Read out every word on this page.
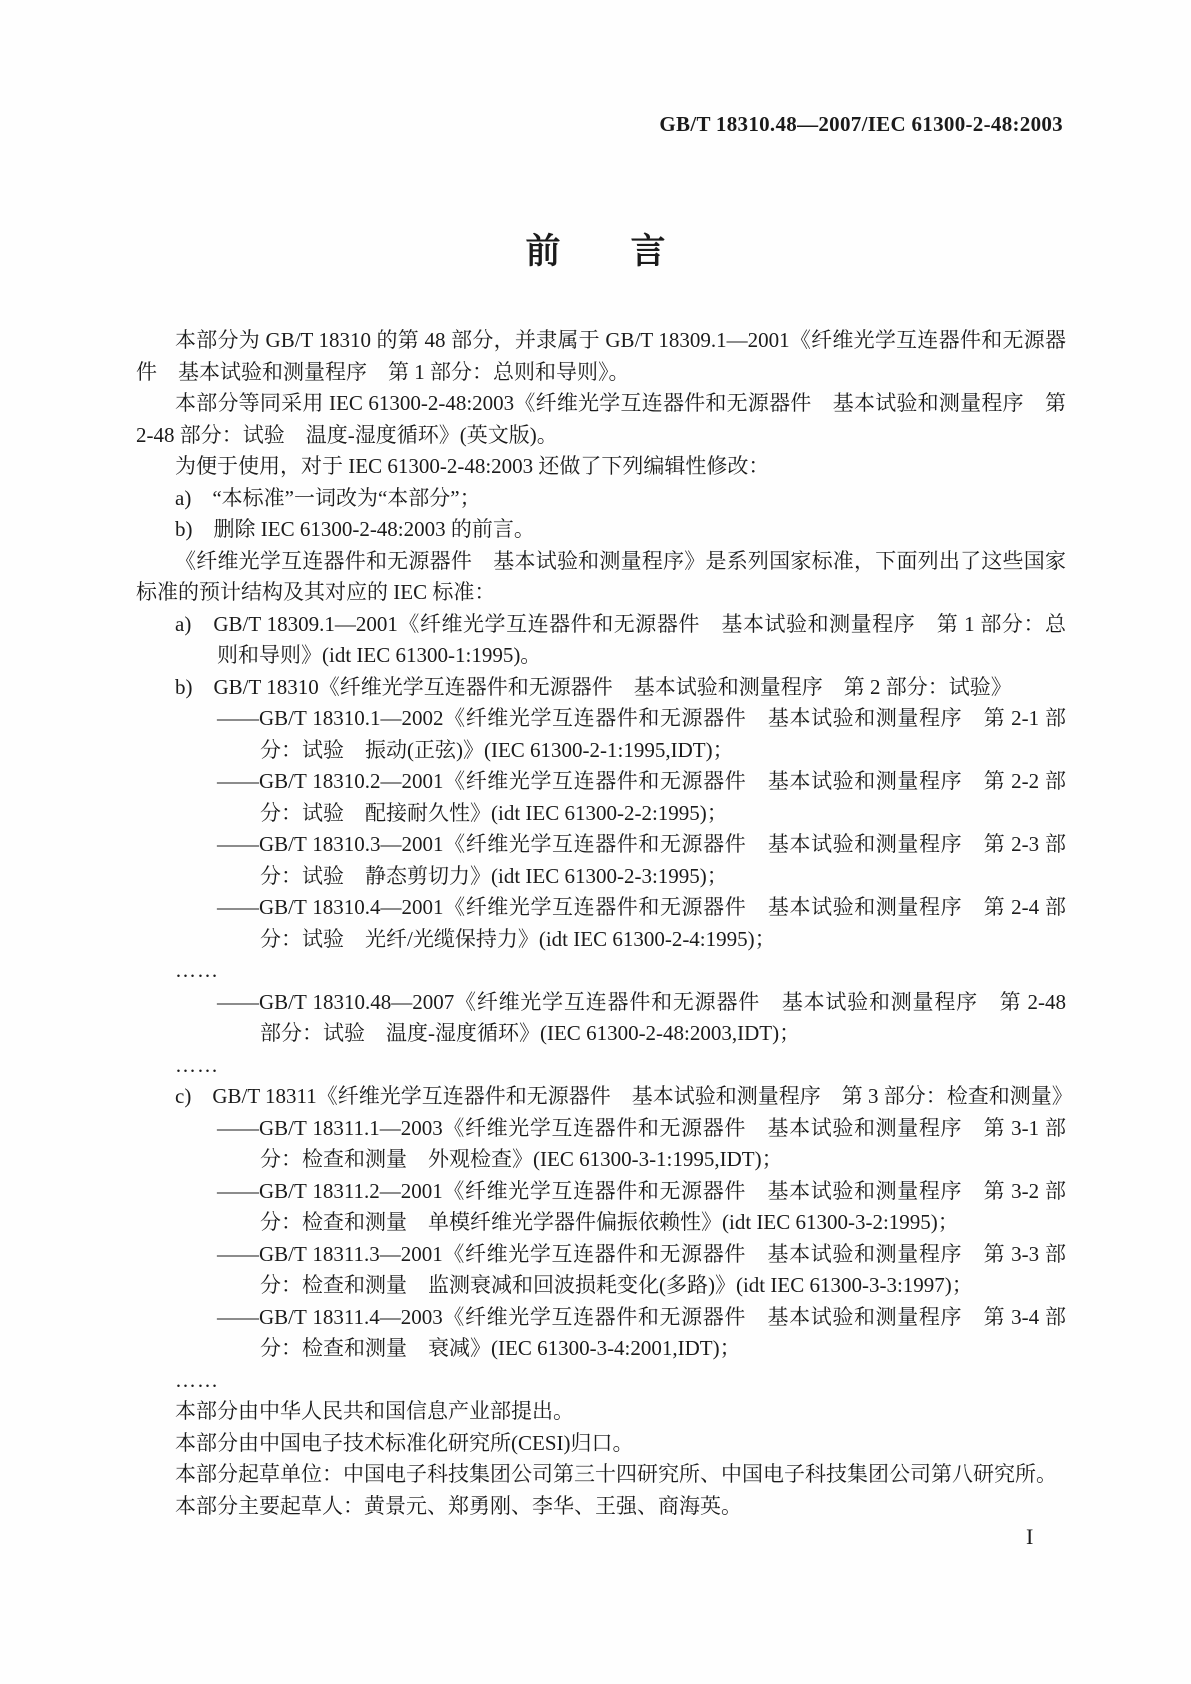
GB/T 18310.48—2007/IEC 61300-2-48:2003
前　　言

本部分为 GB/T 18310 的第 48 部分，并隶属于 GB/T 18309.1—2001《纤维光学互连器件和无源器件　基本试验和测量程序　第 1 部分：总则和导则》。

本部分等同采用 IEC 61300-2-48:2003《纤维光学互连器件和无源器件　基本试验和测量程序　第 2-48 部分：试验　温度-湿度循环》(英文版)。

为便于使用，对于 IEC 61300-2-48:2003 还做了下列编辑性修改：

a)　“本标准”一词改为“本部分”；

b)　删除 IEC 61300-2-48:2003 的前言。

《纤维光学互连器件和无源器件　基本试验和测量程序》是系列国家标准，下面列出了这些国家标准的预计结构及其对应的 IEC 标准：

a)　GB/T 18309.1—2001《纤维光学互连器件和无源器件　基本试验和测量程序　第 1 部分：总则和导则》(idt IEC 61300-1:1995)。

b)　GB/T 18310《纤维光学互连器件和无源器件　基本试验和测量程序　第 2 部分：试验》

——GB/T 18310.1—2002《纤维光学互连器件和无源器件　基本试验和测量程序　第 2-1 部分：试验　振动(正弦)》(IEC 61300-2-1:1995,IDT)；

——GB/T 18310.2—2001《纤维光学互连器件和无源器件　基本试验和测量程序　第 2-2 部分：试验　配接耐久性》(idt IEC 61300-2-2:1995)；

——GB/T 18310.3—2001《纤维光学互连器件和无源器件　基本试验和测量程序　第 2-3 部分：试验　静态剪切力》(idt IEC 61300-2-3:1995)；

——GB/T 18310.4—2001《纤维光学互连器件和无源器件　基本试验和测量程序　第 2-4 部分：试验　光纤/光缆保持力》(idt IEC 61300-2-4:1995)；

……

——GB/T 18310.48—2007《纤维光学互连器件和无源器件　基本试验和测量程序　第 2-48 部分：试验　温度-湿度循环》(IEC 61300-2-48:2003,IDT)；

……

c)　GB/T 18311《纤维光学互连器件和无源器件　基本试验和测量程序　第 3 部分：检查和测量》

——GB/T 18311.1—2003《纤维光学互连器件和无源器件　基本试验和测量程序　第 3-1 部分：检查和测量　外观检查》(IEC 61300-3-1:1995,IDT)；

——GB/T 18311.2—2001《纤维光学互连器件和无源器件　基本试验和测量程序　第 3-2 部分：检查和测量　单模纤维光学器件偏振依赖性》(idt IEC 61300-3-2:1995)；

——GB/T 18311.3—2001《纤维光学互连器件和无源器件　基本试验和测量程序　第 3-3 部分：检查和测量　监测衰减和回波损耗变化(多路)》(idt IEC 61300-3-3:1997)；

——GB/T 18311.4—2003《纤维光学互连器件和无源器件　基本试验和测量程序　第 3-4 部分：检查和测量　衰减》(IEC 61300-3-4:2001,IDT)；

……

本部分由中华人民共和国信息产业部提出。

本部分由中国电子技术标准化研究所(CESI)归口。

本部分起草单位：中国电子科技集团公司第三十四研究所、中国电子科技集团公司第八研究所。

本部分主要起草人：黄景元、郑勇刚、李华、王强、商海英。

I
